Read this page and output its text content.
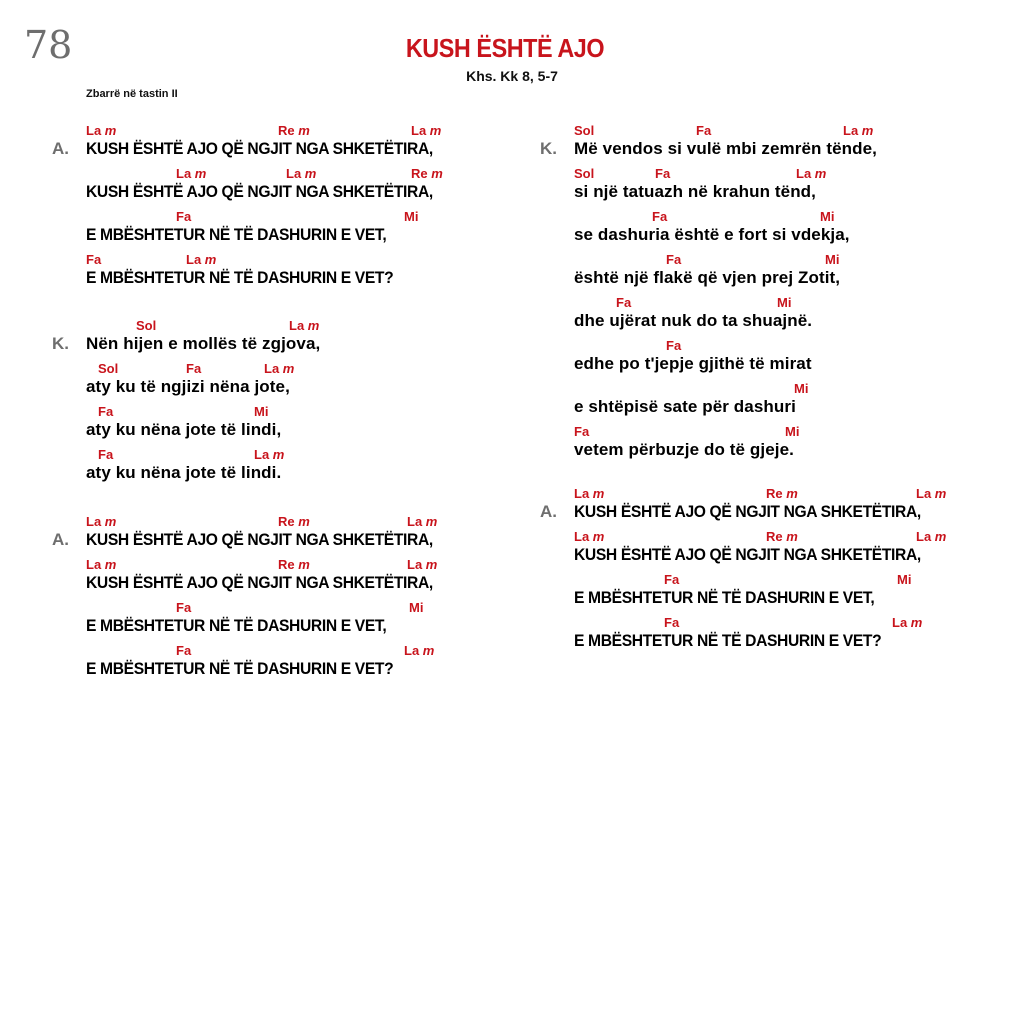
78	KUSH ËSHTË AJO
Khs. Kk 8, 5-7
Zbarrë në tastin II
A.
La m	Re m	La m
KUSH ËSHTË AJO QË NGJIT NGA SHKETËTIRA,
La m	Re m
La m
KUSH ËSHTË AJO QË NGJIT NGA SHKETËTIRA,
Fa	Mi
E MBËSHTETUR NË TË DASHURIN E VET,
Fa	La m
E MBËSHTETUR NË TË DASHURIN E VET?
K.
Sol	La m
Nën hijen e mollës të zgjova,
Sol	Fa	La m
aty ku të ngjizi nëna jote,
Fa	Mi
aty ku nëna jote të lindi,
Fa	La m
aty ku nëna jote të lindi.
A.
La m	Re m	La m
KUSH ËSHTË AJO QË NGJIT NGA SHKETËTIRA,
La m	Re m	La m
KUSH ËSHTË AJO QË NGJIT NGA SHKETËTIRA,
Fa	Mi
E MBËSHTETUR NË TË DASHURIN E VET,
Fa	La m
E MBËSHTETUR NË TË DASHURIN E VET?
K.
Sol	Fa	La m
Më vendos si vulë mbi zemrën tënde,
Sol	Fa	La m
si një tatuazh në krahun tënd,
Fa	Mi
se dashuria është e fort si vdekja,
Fa	Mi
është një flakë që vjen prej Zotit,
Fa	Mi
dhe ujërat nuk do ta shuajnë.
Fa
edhe po t'jepje gjithë të mirat
Mi
e shtëpisë sate për dashuri
Fa	Mi
vetem përbuzje do të gjeje.
A.
La m	Re m	La m
KUSH ËSHTË AJO QË NGJIT NGA SHKETËTIRA,
La m	Re m	La m
KUSH ËSHTË AJO QË NGJIT NGA SHKETËTIRA,
Fa	Mi
E MBËSHTETUR NË TË DASHURIN E VET,
Fa	La m
E MBËSHTETUR NË TË DASHURIN E VET?
